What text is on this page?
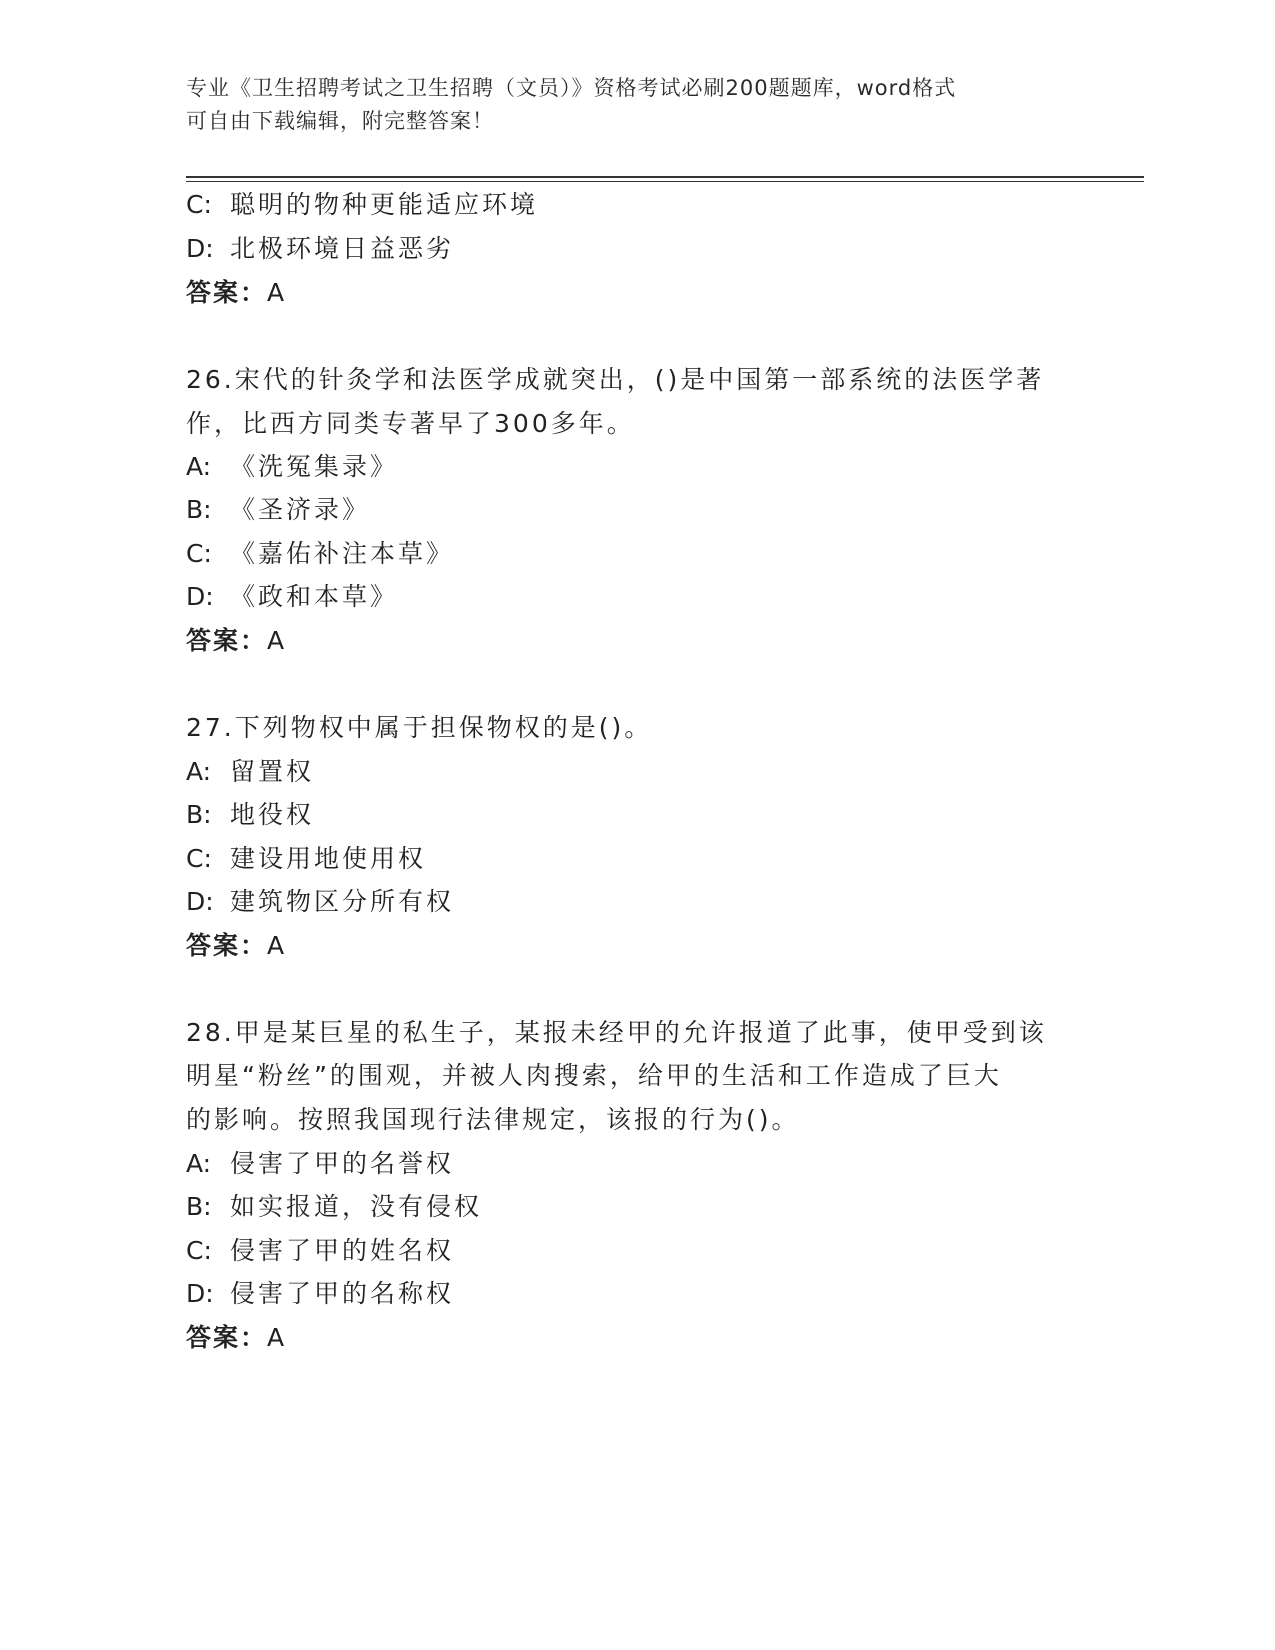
专业《卫生招聘考试之卫生招聘（文员）》资格考试必刷200题题库，word格式
可自由下载编辑，附完整答案！
C: 聪明的物种更能适应环境
D: 北极环境日益恶劣
答案：A
26.宋代的针灸学和法医学成就突出，()是中国第一部系统的法医学著
作，比西方同类专著早了300多年。
A: 《洗冤集录》
B: 《圣济录》
C: 《嘉佑补注本草》
D: 《政和本草》
答案：A
27.下列物权中属于担保物权的是()。
A: 留置权
B: 地役权
C: 建设用地使用权
D: 建筑物区分所有权
答案：A
28.甲是某巨星的私生子，某报未经甲的允许报道了此事，使甲受到该
明星“粉丝”的围观，并被人肉搜索，给甲的生活和工作造成了巨大
的影响。按照我国现行法律规定，该报的行为()。
A: 侵害了甲的名誉权
B: 如实报道，没有侵权
C: 侵害了甲的姓名权
D: 侵害了甲的名称权
答案：A
